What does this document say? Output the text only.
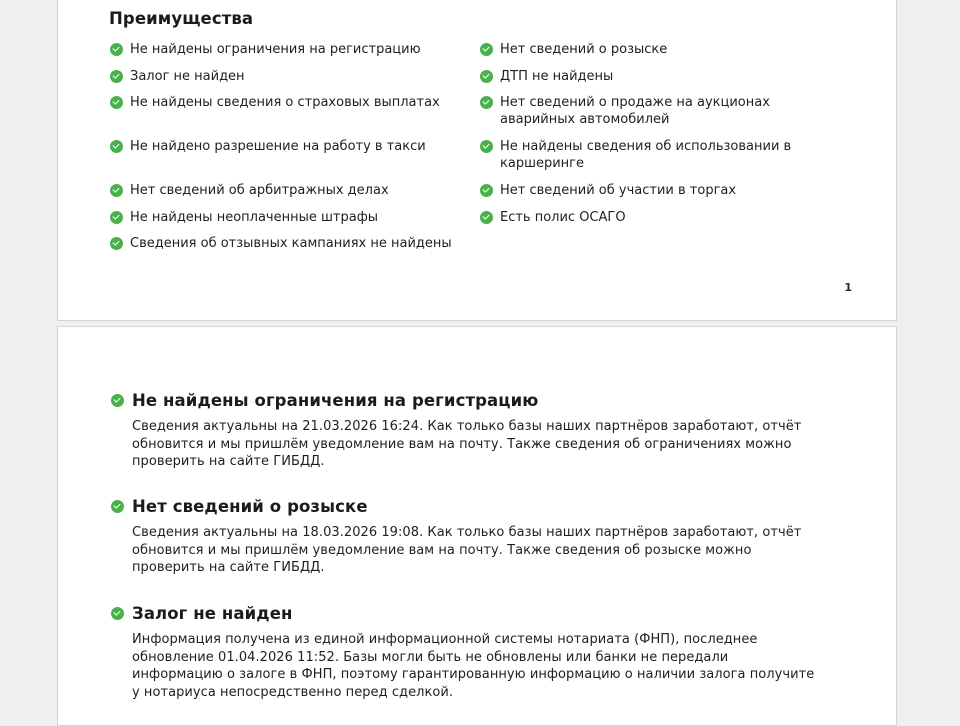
Преимущества
Не найдены ограничения на регистрацию
Залог не найден
Не найдены сведения о страховых выплатах
Не найдено разрешение на работу в такси
Нет сведений об арбитражных делах
Не найдены неоплаченные штрафы
Сведения об отзывных кампаниях не найдены
Нет сведений о розыске
ДТП не найдены
Нет сведений о продаже на аукционах аварийных автомобилей
Не найдены сведения об использовании в каршеринге
Нет сведений об участии в торгах
Есть полис ОСАГО
1
Не найдены ограничения на регистрацию

Сведения актуальны на 21.03.2026 16:24. Как только базы наших партнёров заработают, отчёт обновится и мы пришлём уведомление вам на почту. Также сведения об ограничениях можно проверить на сайте ГИБДД.

Нет сведений о розыске

Сведения актуальны на 18.03.2026 19:08. Как только базы наших партнёров заработают, отчёт обновится и мы пришлём уведомление вам на почту. Также сведения об розыске можно проверить на сайте ГИБДД.

Залог не найден

Информация получена из единой информационной системы нотариата (ФНП), последнее обновление 01.04.2026 11:52. Базы могли быть не обновлены или банки не передали информацию о залоге в ФНП, поэтому гарантированную информацию о наличии залога получите у нотариуса непосредственно перед сделкой.
